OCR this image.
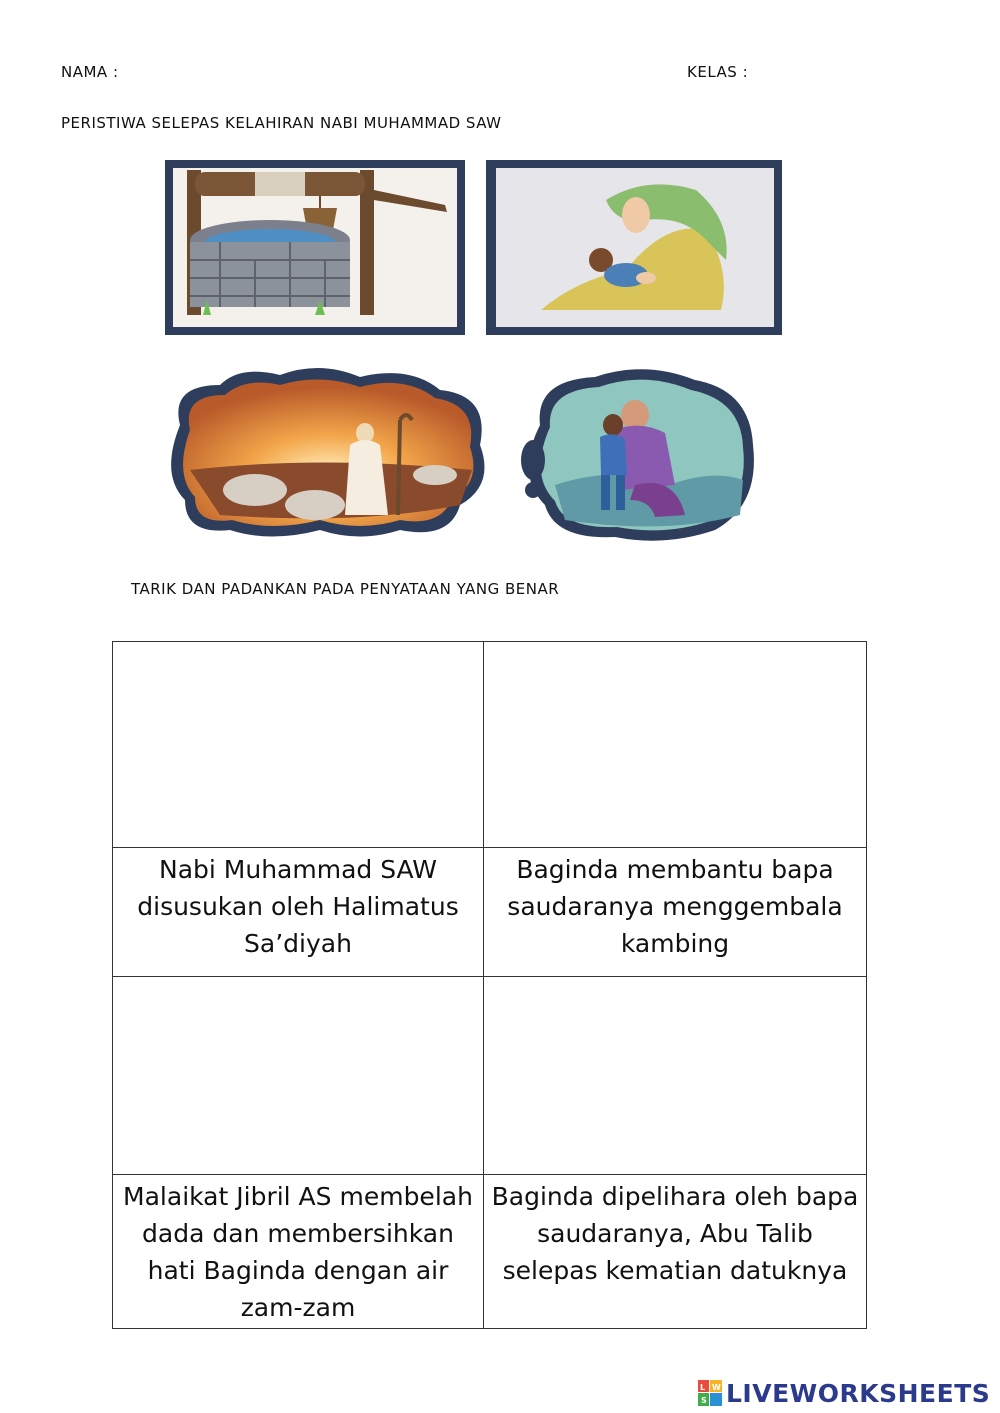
NAMA :	KELAS :
PERISTIWA SELEPAS KELAHIRAN NABI MUHAMMAD SAW
TARIK DAN PADANKAN PADA PENYATAAN YANG BENAR

Nabi Muhammad SAW disusukan oleh Halimatus Sa’diyah	Baginda membantu bapa saudaranya menggembala kambing

Malaikat Jibril AS membelah dada dan membersihkan hati Baginda dengan air zam-zam	Baginda dipelihara oleh bapa saudaranya, Abu Talib selepas kematian datuknya
L W
S LIVEWORKSHEETS
